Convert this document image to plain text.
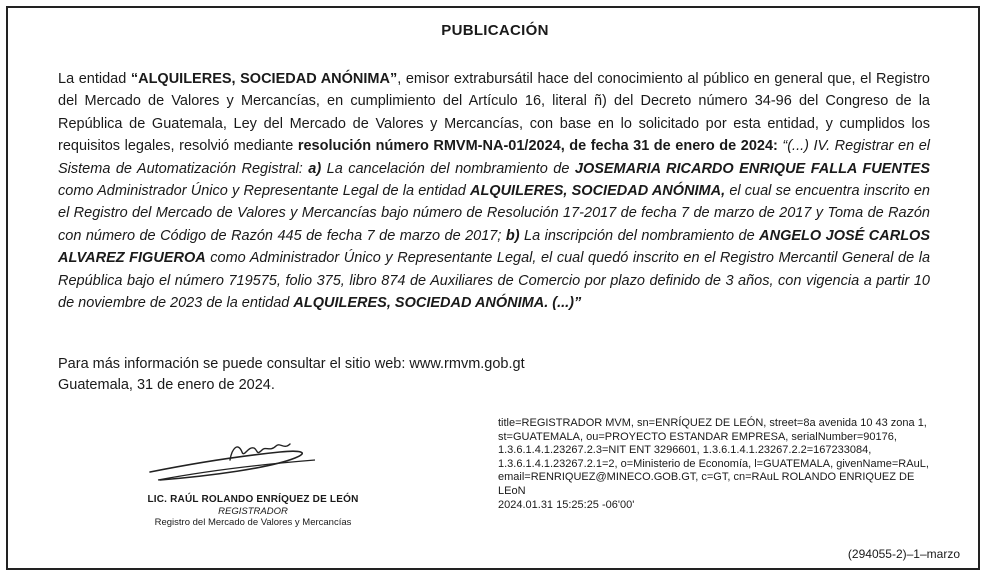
PUBLICACIÓN
La entidad “ALQUILERES, SOCIEDAD ANÓNIMA”, emisor extrabursátil hace del conocimiento al público en general que, el Registro del Mercado de Valores y Mercancías, en cumplimiento del Artículo 16, literal ñ) del Decreto número 34-96 del Congreso de la República de Guatemala, Ley del Mercado de Valores y Mercancías, con base en lo solicitado por esta entidad, y cumplidos los requisitos legales, resolvió mediante resolución número RMVM-NA-01/2024, de fecha 31 de enero de 2024: “(...) IV. Registrar en el Sistema de Automatización Registral: a) La cancelación del nombramiento de JOSEMARIA RICARDO ENRIQUE FALLA FUENTES como Administrador Único y Representante Legal de la entidad ALQUILERES, SOCIEDAD ANÓNIMA, el cual se encuentra inscrito en el Registro del Mercado de Valores y Mercancías bajo número de Resolución 17-2017 de fecha 7 de marzo de 2017 y Toma de Razón con número de Código de Razón 445 de fecha 7 de marzo de 2017; b) La inscripción del nombramiento de ANGELO JOSÉ CARLOS ALVAREZ FIGUEROA como Administrador Único y Representante Legal, el cual quedó inscrito en el Registro Mercantil General de la República bajo el número 719575, folio 375, libro 874 de Auxiliares de Comercio por plazo definido de 3 años, con vigencia a partir 10 de noviembre de 2023 de la entidad ALQUILERES, SOCIEDAD ANÓNIMA. (...)”
Para más información se puede consultar el sitio web: www.rmvm.gob.gt
Guatemala, 31 de enero de 2024.
LIC. RAÚL ROLANDO ENRÍQUEZ DE LEÓN
REGISTRADOR
Registro del Mercado de Valores y Mercancías
title=REGISTRADOR MVM, sn=ENRÍQUEZ DE LEÓN, street=8a avenida 10 43 zona 1, st=GUATEMALA, ou=PROYECTO ESTANDAR EMPRESA, serialNumber=90176, 1.3.6.1.4.1.23267.2.3=NIT ENT 3296601, 1.3.6.1.4.1.23267.2.2=167233084, 1.3.6.1.4.1.23267.2.1=2, o=Ministerio de Economía, l=GUATEMALA, givenName=RAuL, email=RENRIQUEZ@MINECO.GOB.GT, c=GT, cn=RAuL ROLANDO ENRIQUEZ DE LEoN
2024.01.31 15:25:25 -06'00'
(294055-2)–1–marzo
